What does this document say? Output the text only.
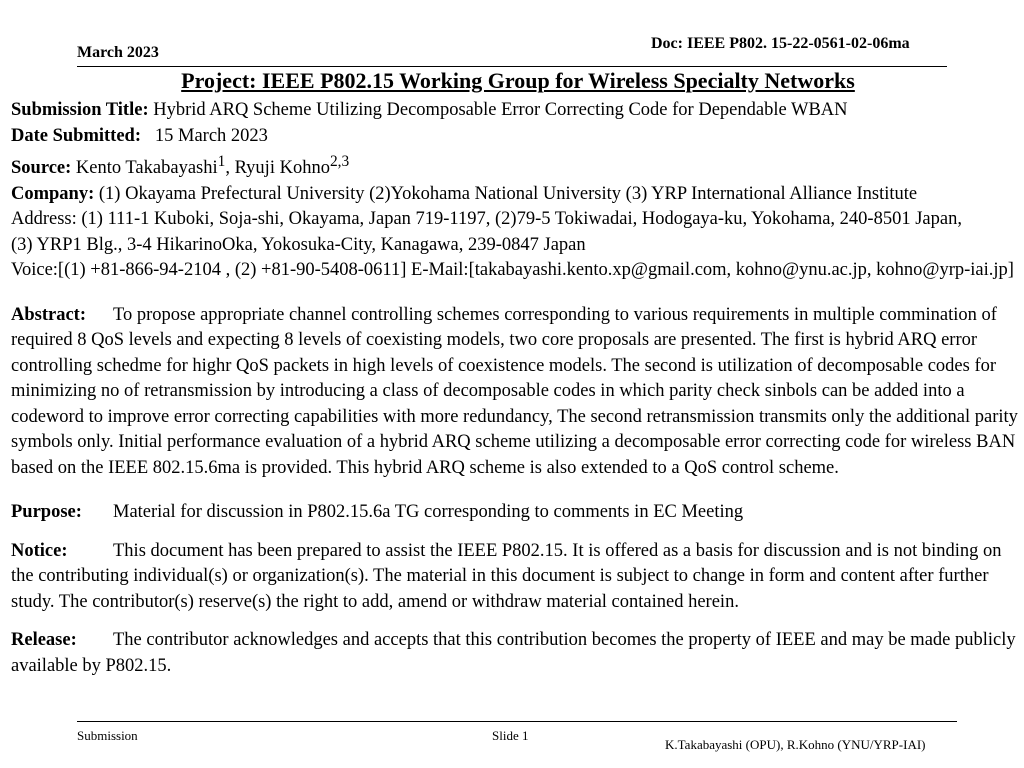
March 2023
Doc: IEEE P802. 15-22-0561-02-06ma
Project: IEEE P802.15 Working Group for Wireless Specialty Networks

Submission Title: Hybrid ARQ Scheme Utilizing Decomposable Error Correcting Code for Dependable WBAN

Date Submitted: 15 March 2023

Source: Kento Takabayashi$^1$, Ryuji Kohno$^{2,3}$

Company: (1) Okayama Prefectural University (2)Yokohama National University (3) YRP International Alliance Institute

Address: (1) 111-1 Kuboki, Soja-shi, Okayama, Japan 719-1197, (2)79-5 Tokiwadai, Hodogaya-ku, Yokohama, 240-8501 Japan,

(3) YRP1 Blg., 3-4 HikarinoOka, Yokosuka-City, Kanagawa, 239-0847 Japan

Voice:[(1) +81-866-94-2104 , (2) +81-90-5408-0611] E-Mail:[takabayashi.kento.xp@gmail.com, kohno@ynu.ac.jp, kohno@yrp-iai.jp]

Abstract: To propose appropriate channel controlling schemes corresponding to various requirements in multiple commination of required 8 QoS levels and expecting 8 levels of coexisting models, two core proposals are presented. The first is hybrid ARQ error controlling schedme for highr QoS packets in high levels of coexistence models. The second is utilization of decomposable codes for minimizing no of retransmission by introducing a class of decomposable codes in which parity check sinbols can be added into a codeword to improve error correcting capabilities with more redundancy, The second retransmission transmits only the additional parity symbols only. Initial performance evaluation of a hybrid ARQ scheme utilizing a decomposable error correcting code for wireless BAN based on the IEEE 802.15.6ma is provided. This hybrid ARQ scheme is also extended to a QoS control scheme.

Purpose: Material for discussion in P802.15.6a TG corresponding to comments in EC Meeting

Notice: This document has been prepared to assist the IEEE P802.15. It is offered as a basis for discussion and is not binding on the contributing individual(s) or organization(s). The material in this document is subject to change in form and content after further study. The contributor(s) reserve(s) the right to add, amend or withdraw material contained herein.

Release: The contributor acknowledges and accepts that this contribution becomes the property of IEEE and may be made publicly available by P802.15.

Submission	Slide 1
K.Takabayashi (OPU), R.Kohno (YNU/YRP-IAI)
